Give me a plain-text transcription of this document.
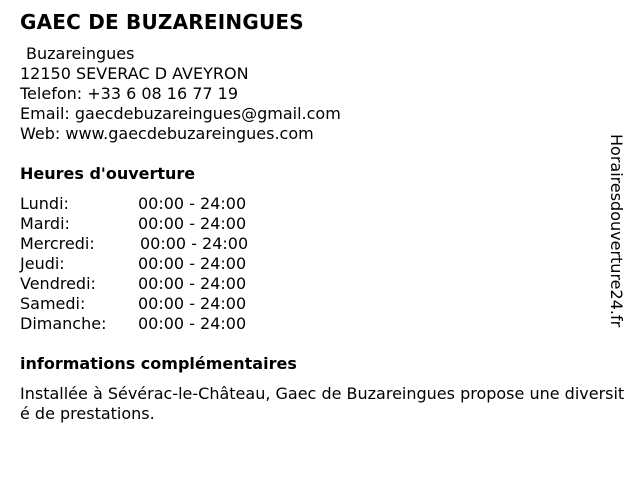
GAEC DE BUZAREINGUES
Buzareingues
12150 SEVERAC D AVEYRON
Telefon: +33 6 08 16 77 19
Email: gaecdebuzareingues@gmail.com
Web: www.gaecdebuzareingues.com
Heures d'ouverture
Lundi:	00:00 - 24:00
Mardi:	00:00 - 24:00
Mercredi:	00:00 - 24:00
Jeudi:	00:00 - 24:00
Vendredi:	00:00 - 24:00
Samedi:	00:00 - 24:00
Dimanche: 00:00 - 24:00
informations complémentaires
Installée à Sévérac-le-Château, Gaec de Buzareingues propose une diversité de prestations.
Horairesdouverture24.fr
